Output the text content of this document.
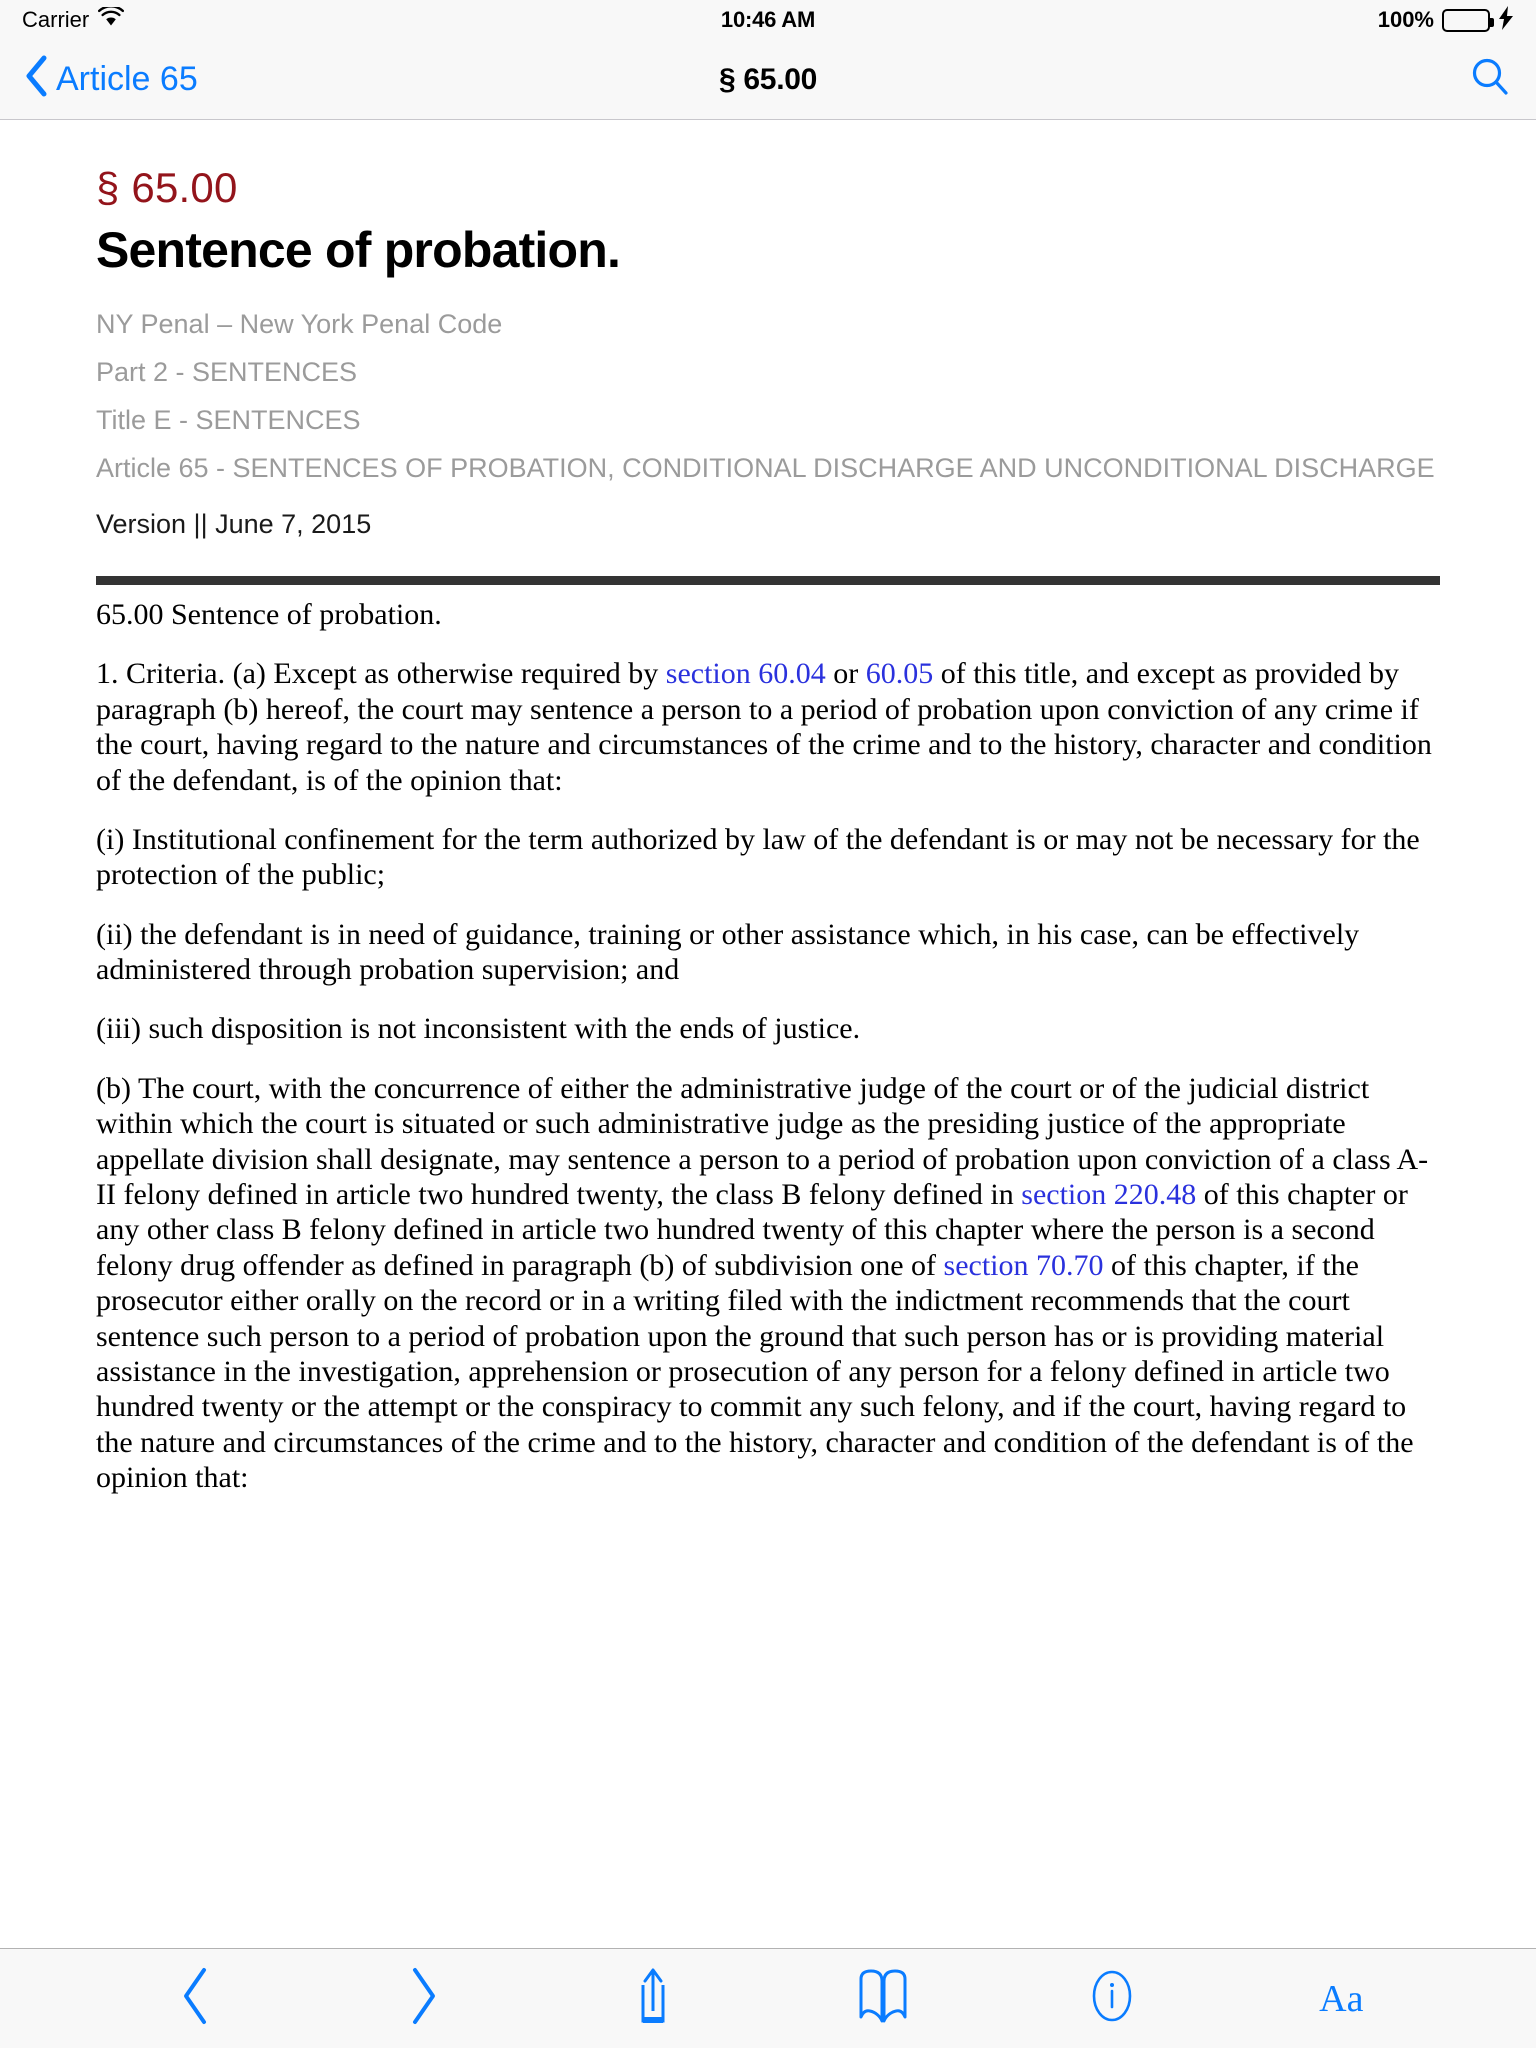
Carrier	10:46 AM	100%
Article 65	§ 65.00
§ 65.00
Sentence of probation.
NY Penal – New York Penal Code
Part 2 - SENTENCES
Title E - SENTENCES
Article 65 - SENTENCES OF PROBATION, CONDITIONAL DISCHARGE AND UNCONDITIONAL DISCHARGE
Version || June 7, 2015

65.00 Sentence of probation.

1. Criteria. (a) Except as otherwise required by section 60.04 or 60.05 of this title, and except as provided by paragraph (b) hereof, the court may sentence a person to a period of probation upon conviction of any crime if the court, having regard to the nature and circumstances of the crime and to the history, character and condition of the defendant, is of the opinion that:

(i) Institutional confinement for the term authorized by law of the defendant is or may not be necessary for the protection of the public;

(ii) the defendant is in need of guidance, training or other assistance which, in his case, can be effectively administered through probation supervision; and

(iii) such disposition is not inconsistent with the ends of justice.

(b) The court, with the concurrence of either the administrative judge of the court or of the judicial district within which the court is situated or such administrative judge as the presiding justice of the appropriate appellate division shall designate, may sentence a person to a period of probation upon conviction of a class A-II felony defined in article two hundred twenty, the class B felony defined in section 220.48 of this chapter or any other class B felony defined in article two hundred twenty of this chapter where the person is a second felony drug offender as defined in paragraph (b) of subdivision one of section 70.70 of this chapter, if the prosecutor either orally on the record or in a writing filed with the indictment recommends that the court sentence such person to a period of probation upon the ground that such person has or is providing material assistance in the investigation, apprehension or prosecution of any person for a felony defined in article two hundred twenty or the attempt or the conspiracy to commit any such felony, and if the court, having regard to the nature and circumstances of the crime and to the history, character and condition of the defendant is of the opinion that:

Aa
